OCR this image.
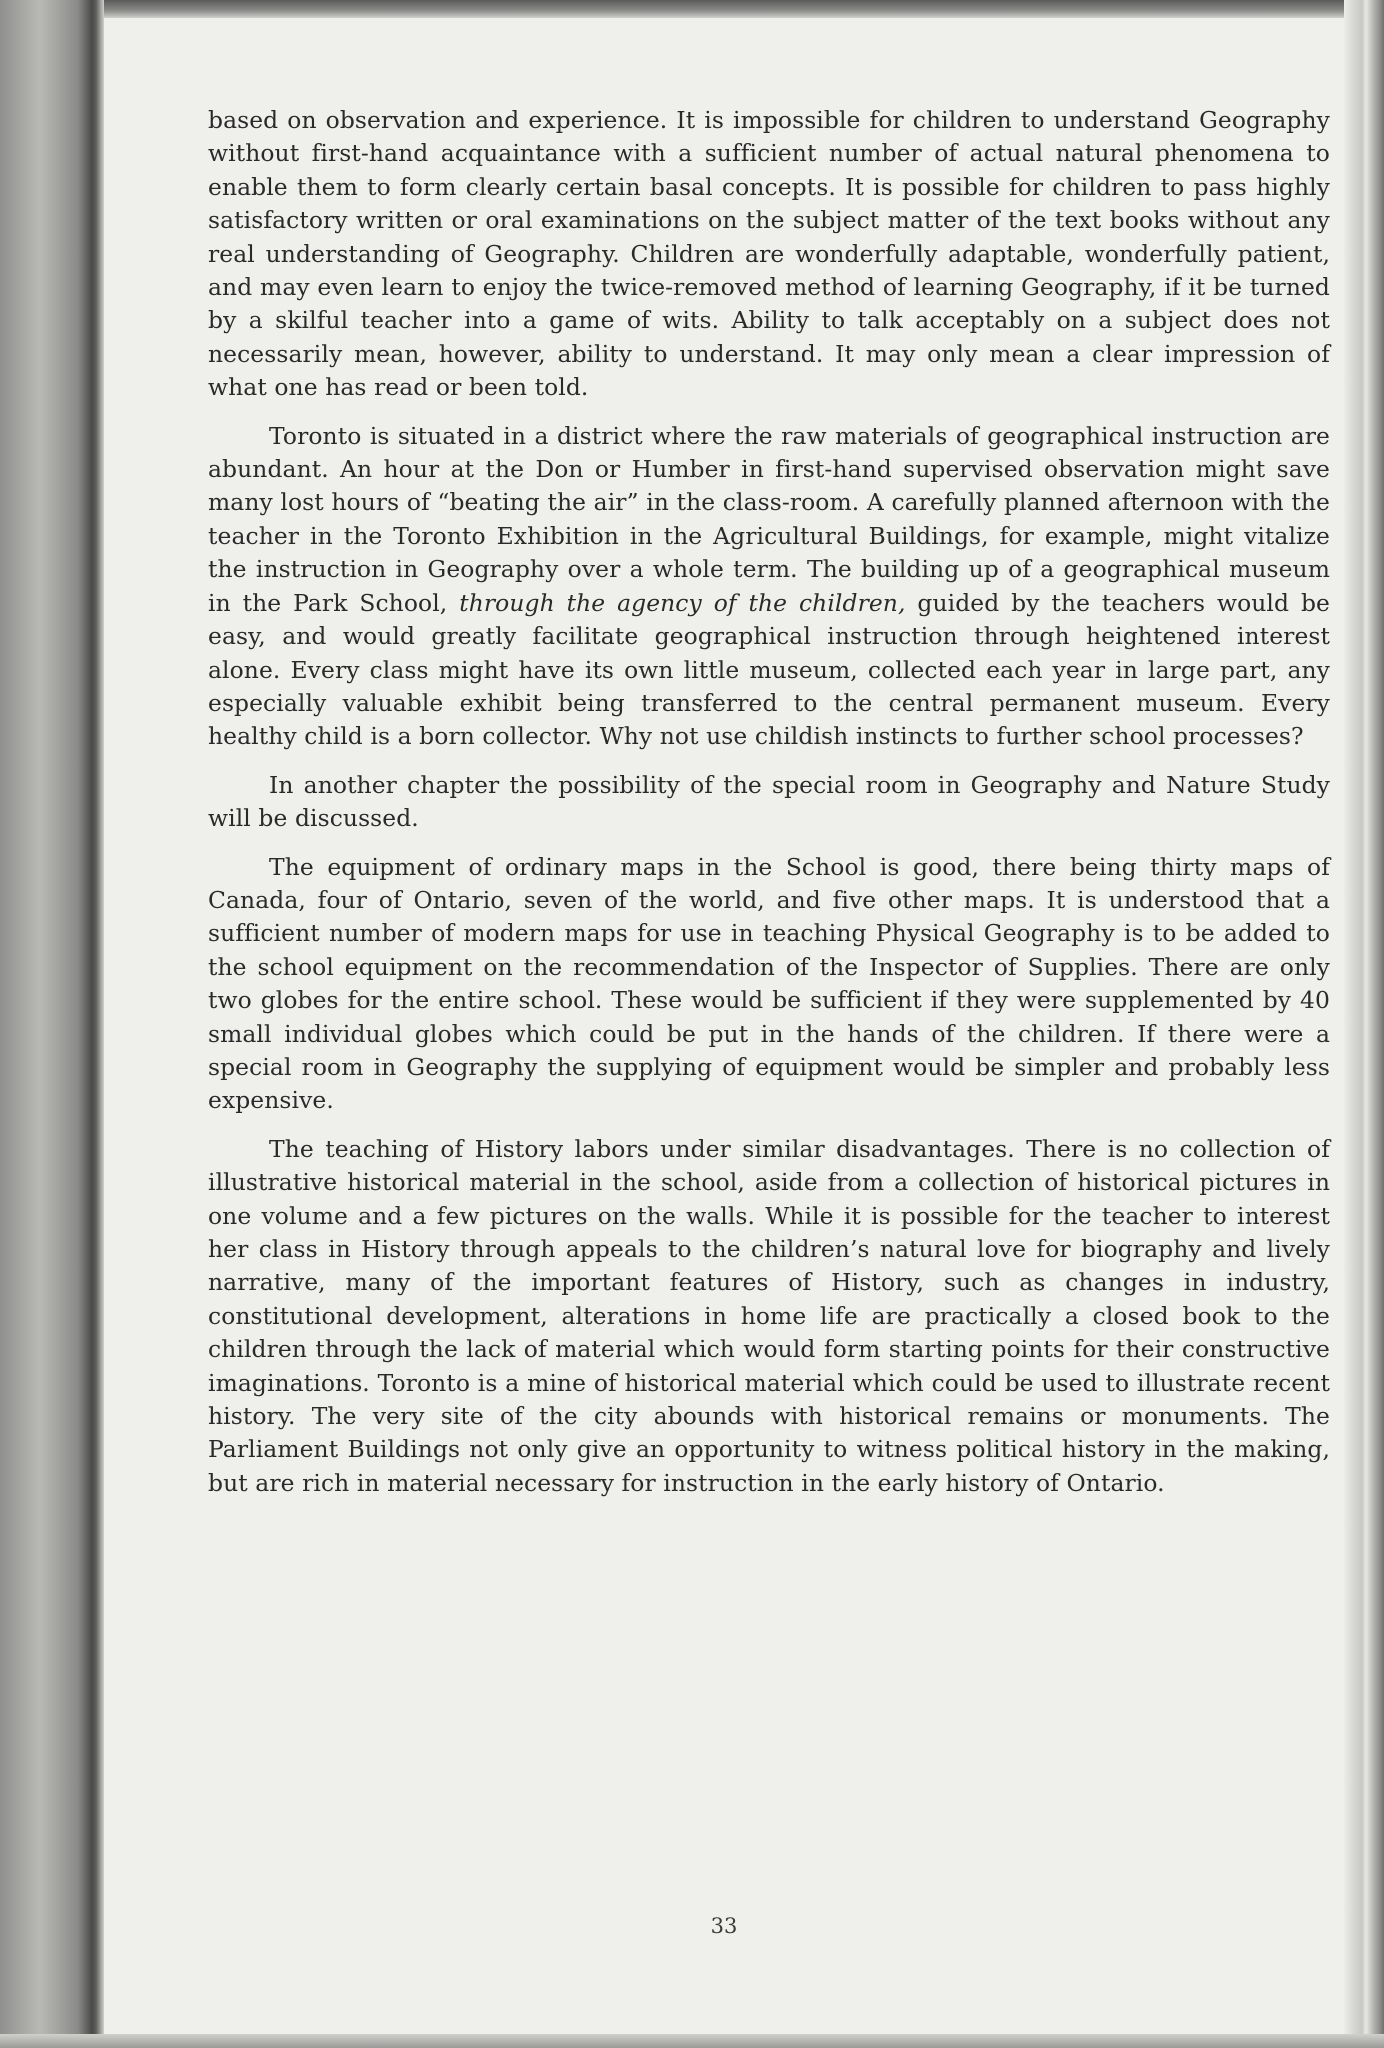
based on observation and experience. It is impossible for children to understand Geography without first-hand acquaintance with a sufficient number of actual natural phenomena to enable them to form clearly certain basal concepts. It is possible for children to pass highly satisfactory written or oral examinations on the subject matter of the text books without any real understanding of Geography. Children are wonderfully adaptable, wonderfully patient, and may even learn to enjoy the twice-removed method of learning Geography, if it be turned by a skilful teacher into a game of wits. Ability to talk acceptably on a subject does not necessarily mean, however, ability to understand. It may only mean a clear impression of what one has read or been told.

Toronto is situated in a district where the raw materials of geographical instruction are abundant. An hour at the Don or Humber in first-hand supervised observation might save many lost hours of “beating the air” in the class-room. A carefully planned afternoon with the teacher in the Toronto Exhibition in the Agricultural Buildings, for example, might vitalize the instruction in Geography over a whole term. The building up of a geographical museum in the Park School, through the agency of the children, guided by the teachers would be easy, and would greatly facilitate geographical instruction through heightened interest alone. Every class might have its own little museum, collected each year in large part, any especially valuable exhibit being transferred to the central permanent museum. Every healthy child is a born collector. Why not use childish instincts to further school processes?

In another chapter the possibility of the special room in Geography and Nature Study will be discussed.

The equipment of ordinary maps in the School is good, there being thirty maps of Canada, four of Ontario, seven of the world, and five other maps. It is understood that a sufficient number of modern maps for use in teaching Physical Geography is to be added to the school equipment on the recommendation of the Inspector of Supplies. There are only two globes for the entire school. These would be sufficient if they were supplemented by 40 small individual globes which could be put in the hands of the children. If there were a special room in Geography the supplying of equipment would be simpler and probably less expensive.

The teaching of History labors under similar disadvantages. There is no collection of illustrative historical material in the school, aside from a collection of historical pictures in one volume and a few pictures on the walls. While it is possible for the teacher to interest her class in History through appeals to the children’s natural love for biography and lively narrative, many of the important features of History, such as changes in industry, constitutional development, alterations in home life are practically a closed book to the children through the lack of material which would form starting points for their constructive imaginations. Toronto is a mine of historical material which could be used to illustrate recent history. The very site of the city abounds with historical remains or monuments. The Parliament Buildings not only give an opportunity to witness political history in the making, but are rich in material necessary for instruction in the early history of Ontario.

33
